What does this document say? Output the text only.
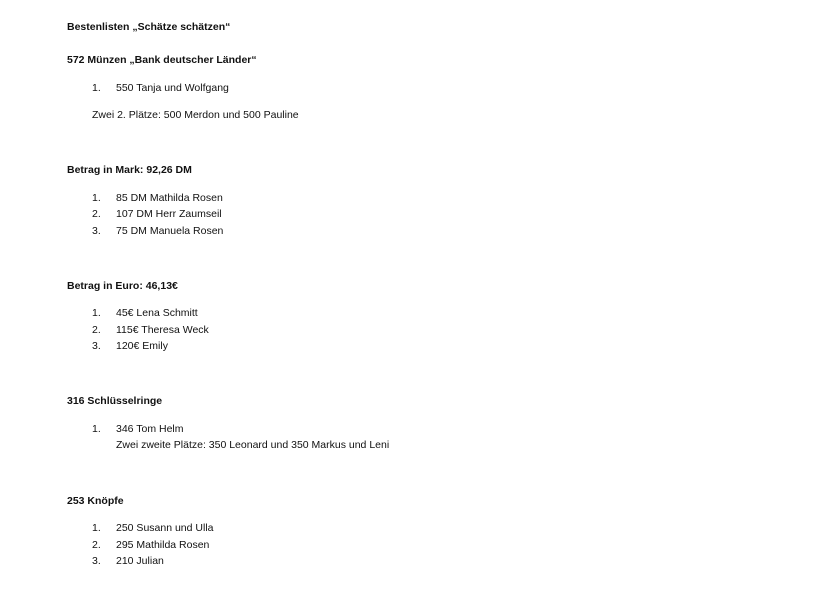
Bestenlisten „Schätze schätzen“
572 Münzen „Bank deutscher Länder“
1. 550 Tanja und Wolfgang
Zwei 2. Plätze: 500 Merdon und 500 Pauline
Betrag in Mark: 92,26 DM
1. 85 DM Mathilda Rosen
2. 107 DM Herr Zaumseil
3. 75 DM Manuela Rosen
Betrag in Euro: 46,13€
1. 45€ Lena Schmitt
2. 115€ Theresa Weck
3. 120€ Emily
316 Schlüsselringe
1. 346 Tom Helm
Zwei zweite Plätze: 350 Leonard und 350 Markus und Leni
253 Knöpfe
1. 250 Susann und Ulla
2. 295 Mathilda Rosen
3. 210 Julian
